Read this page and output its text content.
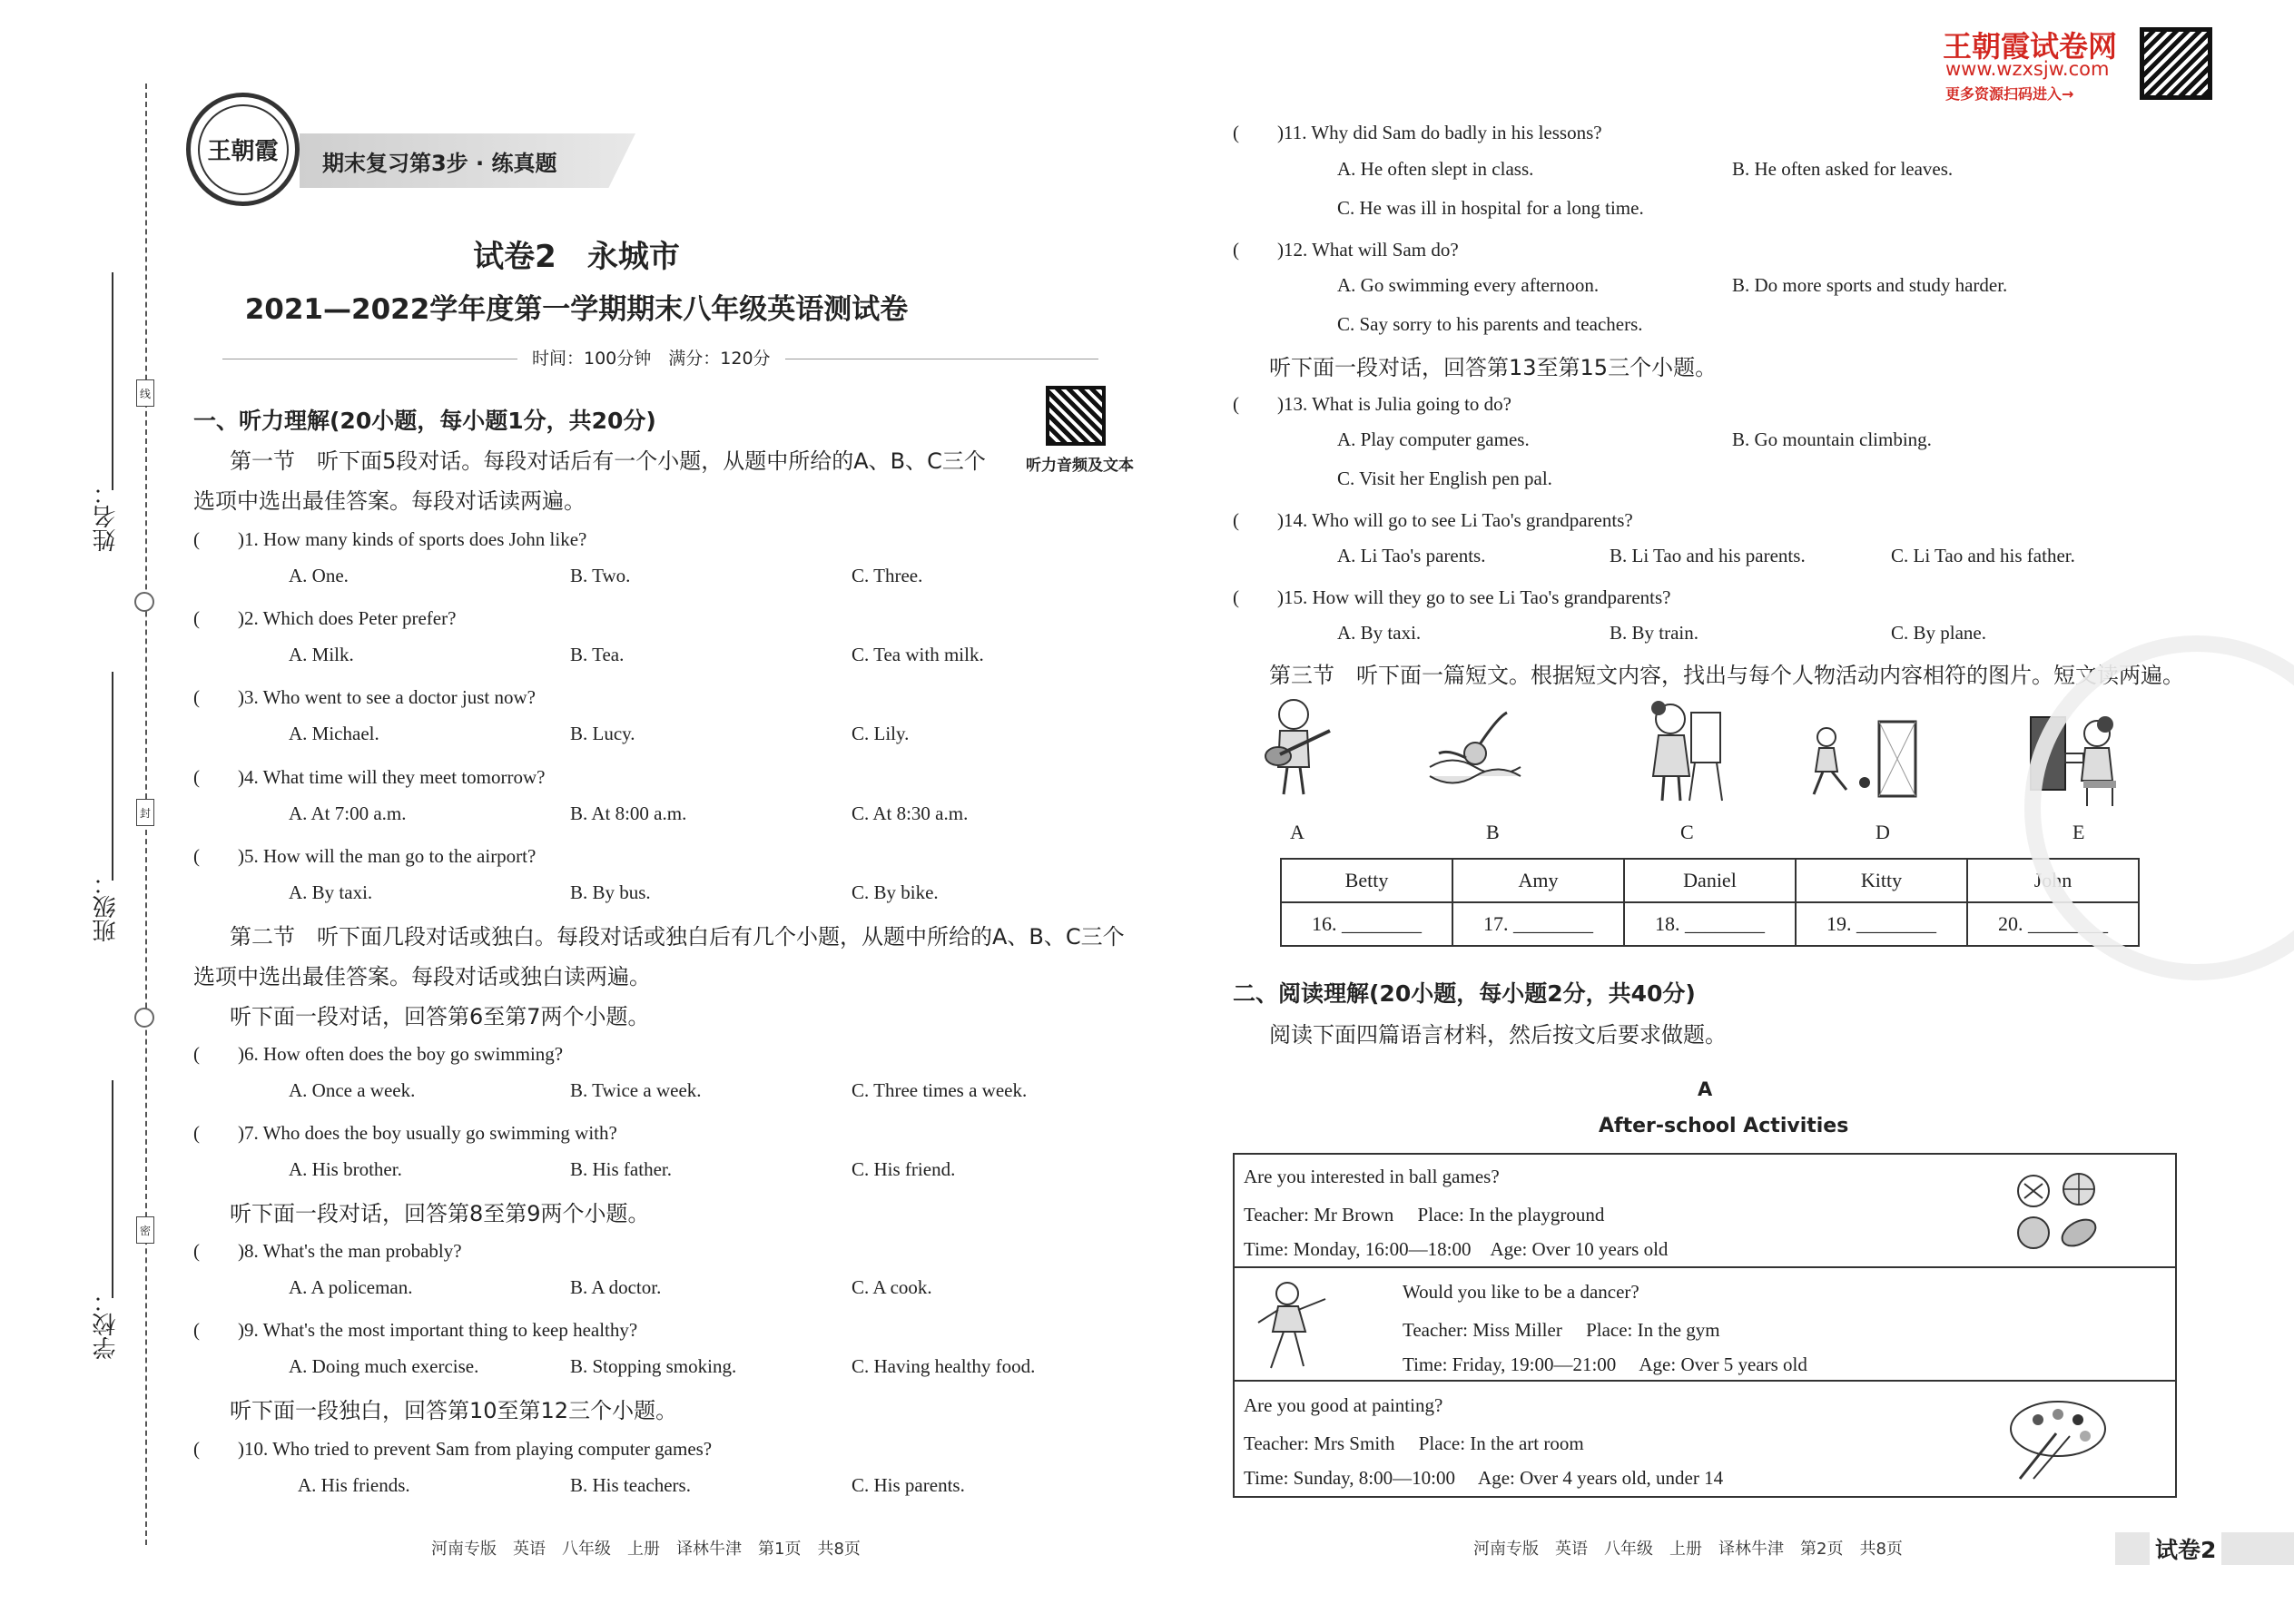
姓名：
班级：
学校：
线
封
密
王朝霞 期末复习第3步 · 练真题
试卷2　永城市
2021—2022学年度第一学期期末八年级英语测试卷
时间：100分钟　满分：120分
听力音频及文本
一、听力理解(20小题，每小题1分，共20分)
第一节　听下面5段对话。每段对话后有一个小题，从题中所给的A、B、C三个
选项中选出最佳答案。每段对话读两遍。
(　　)1. How many kinds of sports does John like?
A. One.	B. Two.	C. Three.
(　　)2. Which does Peter prefer?
A. Milk.	B. Tea.	C. Tea with milk.
(　　)3. Who went to see a doctor just now?
A. Michael.	B. Lucy.	C. Lily.
(　　)4. What time will they meet tomorrow?
A. At 7:00 a.m.	B. At 8:00 a.m.	C. At 8:30 a.m.
(　　)5. How will the man go to the airport?
A. By taxi.	B. By bus.	C. By bike.
第二节　听下面几段对话或独白。每段对话或独白后有几个小题，从题中所给的A、B、C三个
选项中选出最佳答案。每段对话或独白读两遍。
听下面一段对话，回答第6至第7两个小题。
(　　)6. How often does the boy go swimming?
A. Once a week.	B. Twice a week.	C. Three times a week.
(　　)7. Who does the boy usually go swimming with?
A. His brother.	B. His father.	C. His friend.
听下面一段对话，回答第8至第9两个小题。
(　　)8. What's the man probably?
A. A policeman.	B. A doctor.	C. A cook.
(　　)9. What's the most important thing to keep healthy?
A. Doing much exercise.	B. Stopping smoking.	C. Having healthy food.
听下面一段独白，回答第10至第12三个小题。
(　　)10. Who tried to prevent Sam from playing computer games?
A. His friends.	B. His teachers.	C. His parents.
河南专版　英语　八年级　上册　译林牛津　第1页　共8页
王朝霞试卷网
www.wzxsjw.com
更多资源扫码进入→
(　　)11. Why did Sam do badly in his lessons?
A. He often slept in class.	B. He often asked for leaves.
C. He was ill in hospital for a long time.
(　　)12. What will Sam do?
A. Go swimming every afternoon.	B. Do more sports and study harder.
C. Say sorry to his parents and teachers.
听下面一段对话，回答第13至第15三个小题。
(　　)13. What is Julia going to do?
A. Play computer games.	B. Go mountain climbing.
C. Visit her English pen pal.
(　　)14. Who will go to see Li Tao's grandparents?
A. Li Tao's parents.	B. Li Tao and his parents.	C. Li Tao and his father.
(　　)15. How will they go to see Li Tao's grandparents?
A. By taxi.	B. By train.	C. By plane.
第三节　听下面一篇短文。根据短文内容，找出与每个人物活动内容相符的图片。短文读两遍。
A	B	C	D	E
Betty	Amy	Daniel	Kitty	John
16. ________	17. ________	18. ________	19. ________	20. ________
二、阅读理解(20小题，每小题2分，共40分)
阅读下面四篇语言材料，然后按文后要求做题。
A
After-school Activities
Are you interested in ball games?
Teacher: Mr Brown　 Place: In the playground
Time: Monday, 16:00—18:00　Age: Over 10 years old
Would you like to be a dancer?
Teacher: Miss Miller　 Place: In the gym
Time: Friday, 19:00—21:00　 Age: Over 5 years old
Are you good at painting?
Teacher: Mrs Smith　 Place: In the art room
Time: Sunday, 8:00—10:00　 Age: Over 4 years old, under 14
河南专版　英语　八年级　上册　译林牛津　第2页　共8页	试卷2
